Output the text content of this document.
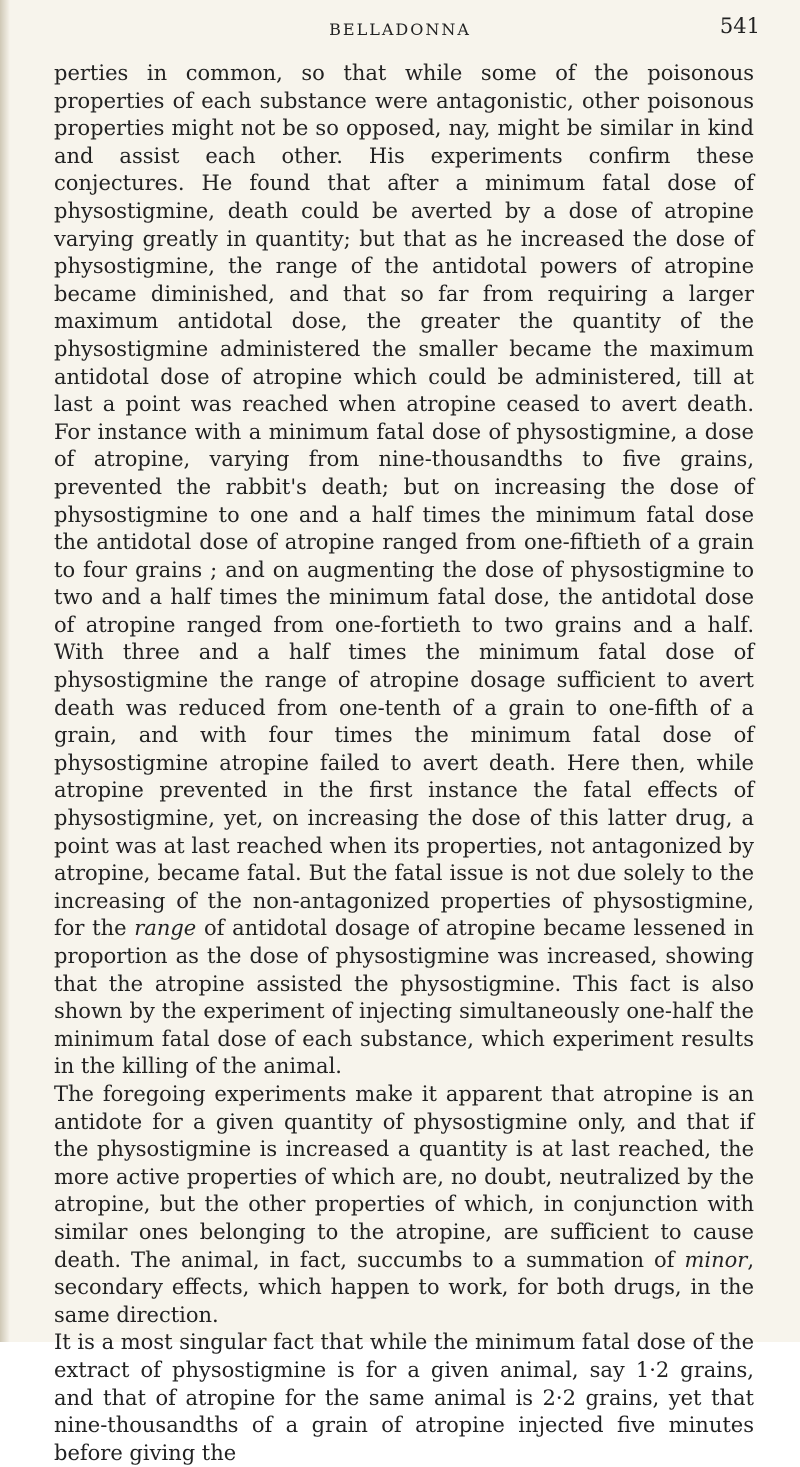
BELLADONNA	541

perties in common, so that while some of the poisonous properties of each substance were antagonistic, other poisonous properties might not be so opposed, nay, might be similar in kind and assist each other. His experiments confirm these conjectures. He found that after a minimum fatal dose of physostigmine, death could be averted by a dose of atropine varying greatly in quantity; but that as he increased the dose of physostigmine, the range of the antidotal powers of atropine became diminished, and that so far from requiring a larger maximum antidotal dose, the greater the quantity of the physostigmine administered the smaller became the maximum antidotal dose of atropine which could be administered, till at last a point was reached when atropine ceased to avert death. For instance with a minimum fatal dose of physostigmine, a dose of atropine, varying from nine-thousandths to five grains, prevented the rabbit's death; but on increasing the dose of physostigmine to one and a half times the minimum fatal dose the antidotal dose of atropine ranged from one-fiftieth of a grain to four grains ; and on augmenting the dose of physostigmine to two and a half times the minimum fatal dose, the antidotal dose of atropine ranged from one-fortieth to two grains and a half. With three and a half times the minimum fatal dose of physostigmine the range of atropine dosage sufficient to avert death was reduced from one-tenth of a grain to one-fifth of a grain, and with four times the minimum fatal dose of physostigmine atropine failed to avert death. Here then, while atropine prevented in the first instance the fatal effects of physostigmine, yet, on increasing the dose of this latter drug, a point was at last reached when its properties, not antagonized by atropine, became fatal. But the fatal issue is not due solely to the increasing of the non-antagonized properties of physostigmine, for the range of antidotal dosage of atropine became lessened in proportion as the dose of physostigmine was increased, showing that the atropine assisted the physostigmine. This fact is also shown by the experiment of injecting simultaneously one-half the minimum fatal dose of each substance, which experiment results in the killing of the animal.

The foregoing experiments make it apparent that atropine is an antidote for a given quantity of physostigmine only, and that if the physostigmine is increased a quantity is at last reached, the more active properties of which are, no doubt, neutralized by the atropine, but the other properties of which, in conjunction with similar ones belonging to the atropine, are sufficient to cause death. The animal, in fact, succumbs to a summation of minor, secondary effects, which happen to work, for both drugs, in the same direction.

It is a most singular fact that while the minimum fatal dose of the extract of physostigmine is for a given animal, say 1·2 grains, and that of atropine for the same animal is 2·2 grains, yet that nine-thousandths of a grain of atropine injected five minutes before giving the
